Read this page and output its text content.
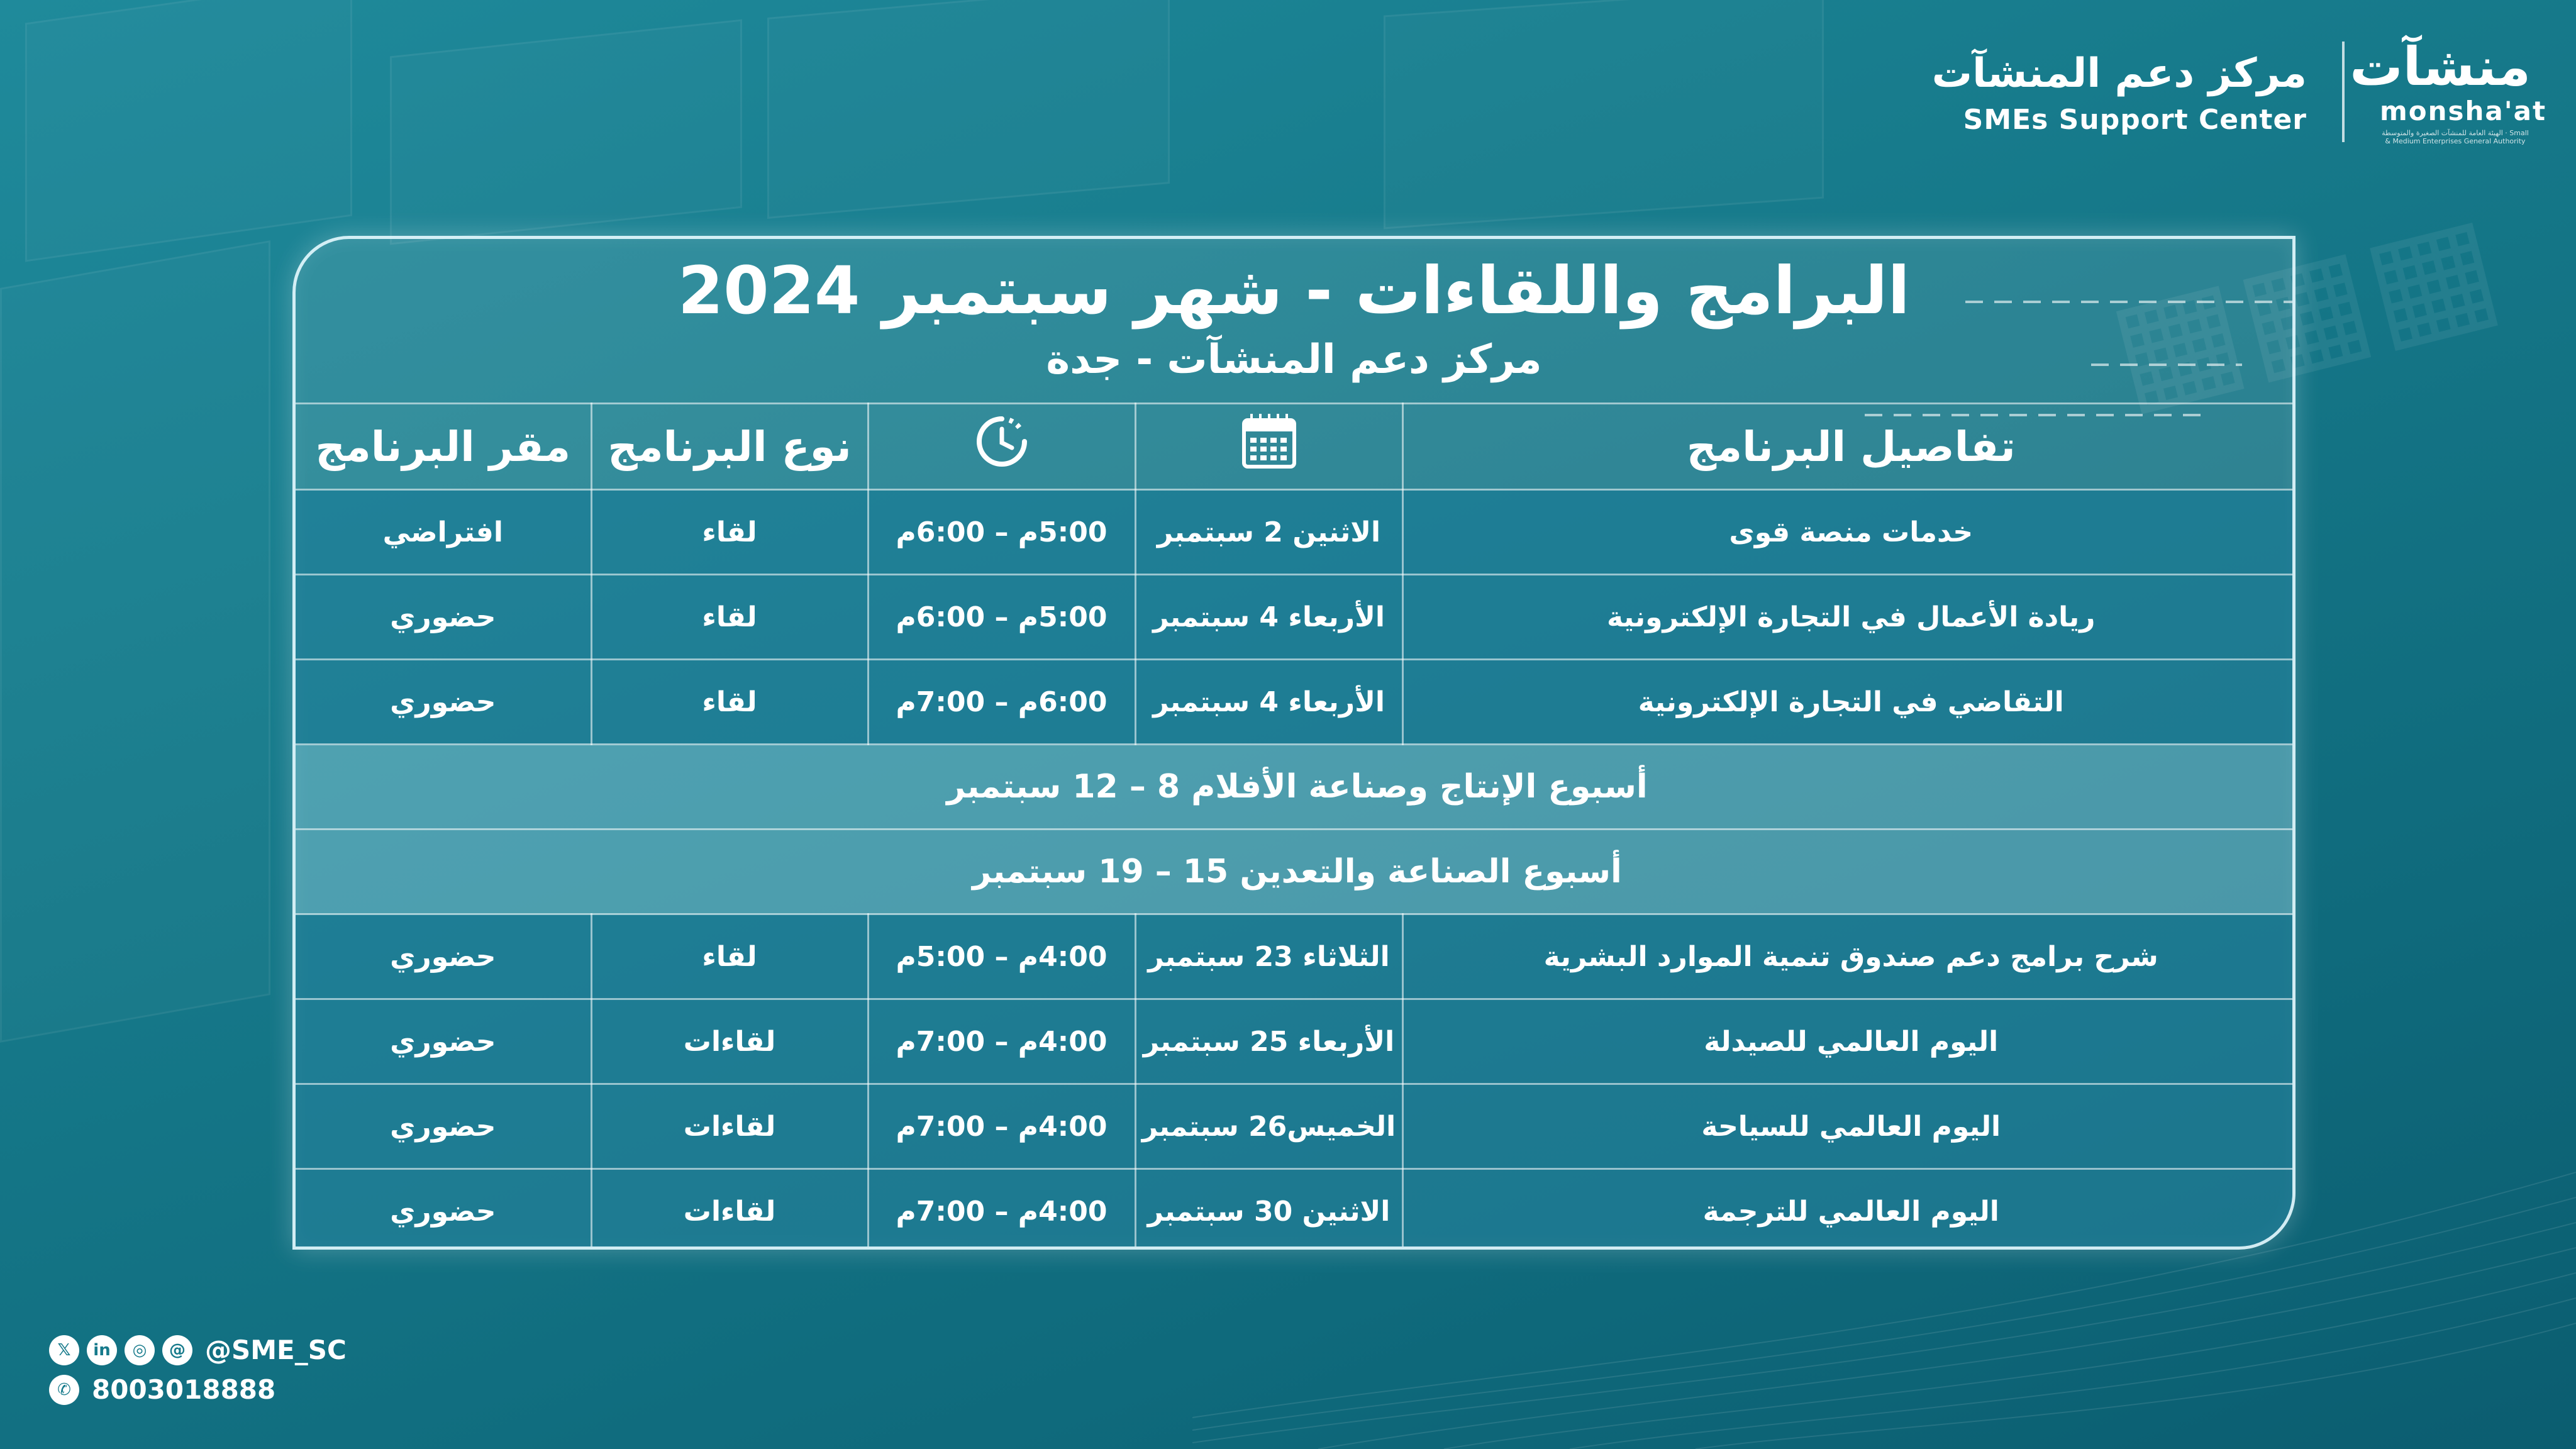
▦▦▦
مركز دعم المنشآت
SMEs Support Center
منشآت
monsha'at
الهيئة العامة للمنشآت الصغيرة والمتوسطة · Small & Medium Enterprises General Authority
البرامج واللقاءات - شهر سبتمبر 2024
مركز دعم المنشآت - جدة
تفاصيل البرنامج			نوع البرنامج	مقر البرنامج
خدمات منصة قوى	الاثنين 2 سبتمبر	5:00م – 6:00م	لقاء	افتراضي
ريادة الأعمال في التجارة الإلكترونية	الأربعاء 4 سبتمبر	5:00م – 6:00م	لقاء	حضوري
التقاضي في التجارة الإلكترونية	الأربعاء 4 سبتمبر	6:00م – 7:00م	لقاء	حضوري
أسبوع الإنتاج وصناعة الأفلام 8 – 12 سبتمبر				
أسبوع الصناعة والتعدين 15 – 19 سبتمبر				
شرح برامج دعم صندوق تنمية الموارد البشرية	الثلاثاء 23 سبتمبر	4:00م – 5:00م	لقاء	حضوري
اليوم العالمي للصيدلة	الأربعاء 25 سبتمبر	4:00م – 7:00م	لقاءات	حضوري
اليوم العالمي للسياحة	الخميس26 سبتمبر	4:00م – 7:00م	لقاءات	حضوري
اليوم العالمي للترجمة	الاثنين 30 سبتمبر	4:00م – 7:00م	لقاءات	حضوري
𝕏	in	◎	@ @SME_SC
✆ 8003018888
